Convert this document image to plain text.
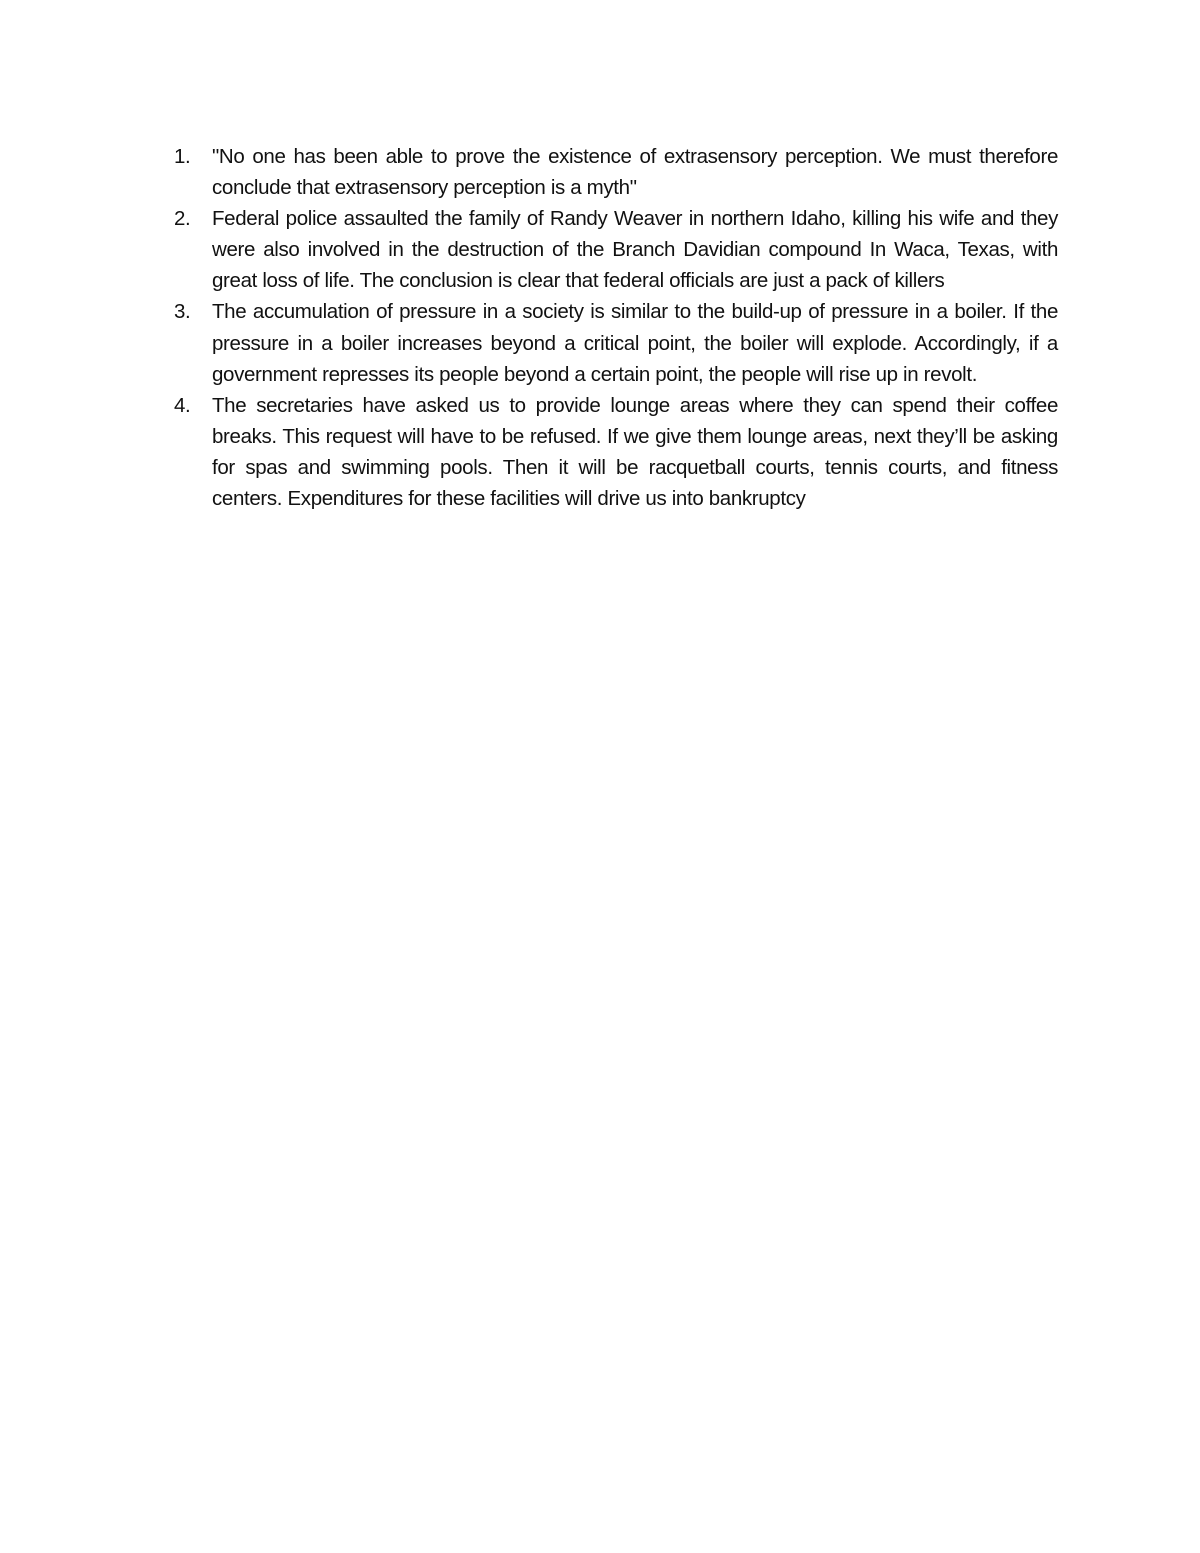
1.	"No one has been able to prove the existence of extrasensory perception. We must therefore conclude that extrasensory perception is a myth"
2.	Federal police assaulted the family of Randy Weaver in northern Idaho, killing his wife and they were also involved in the destruction of the Branch Davidian compound In Waca, Texas, with great loss of life. The conclusion is clear that federal officials are just a pack of killers
3.	The accumulation of pressure in a society is similar to the build-up of pressure in a boiler. If the pressure in a boiler increases beyond a critical point, the boiler will explode. Accordingly, if a government represses its people beyond a certain point, the people will rise up in revolt.
4.	The secretaries have asked us to provide lounge areas where they can spend their coffee breaks. This request will have to be refused. If we give them lounge areas, next they’ll be asking for spas and swimming pools. Then it will be racquetball courts, tennis courts, and fitness centers. Expenditures for these facilities will drive us into bankruptcy
